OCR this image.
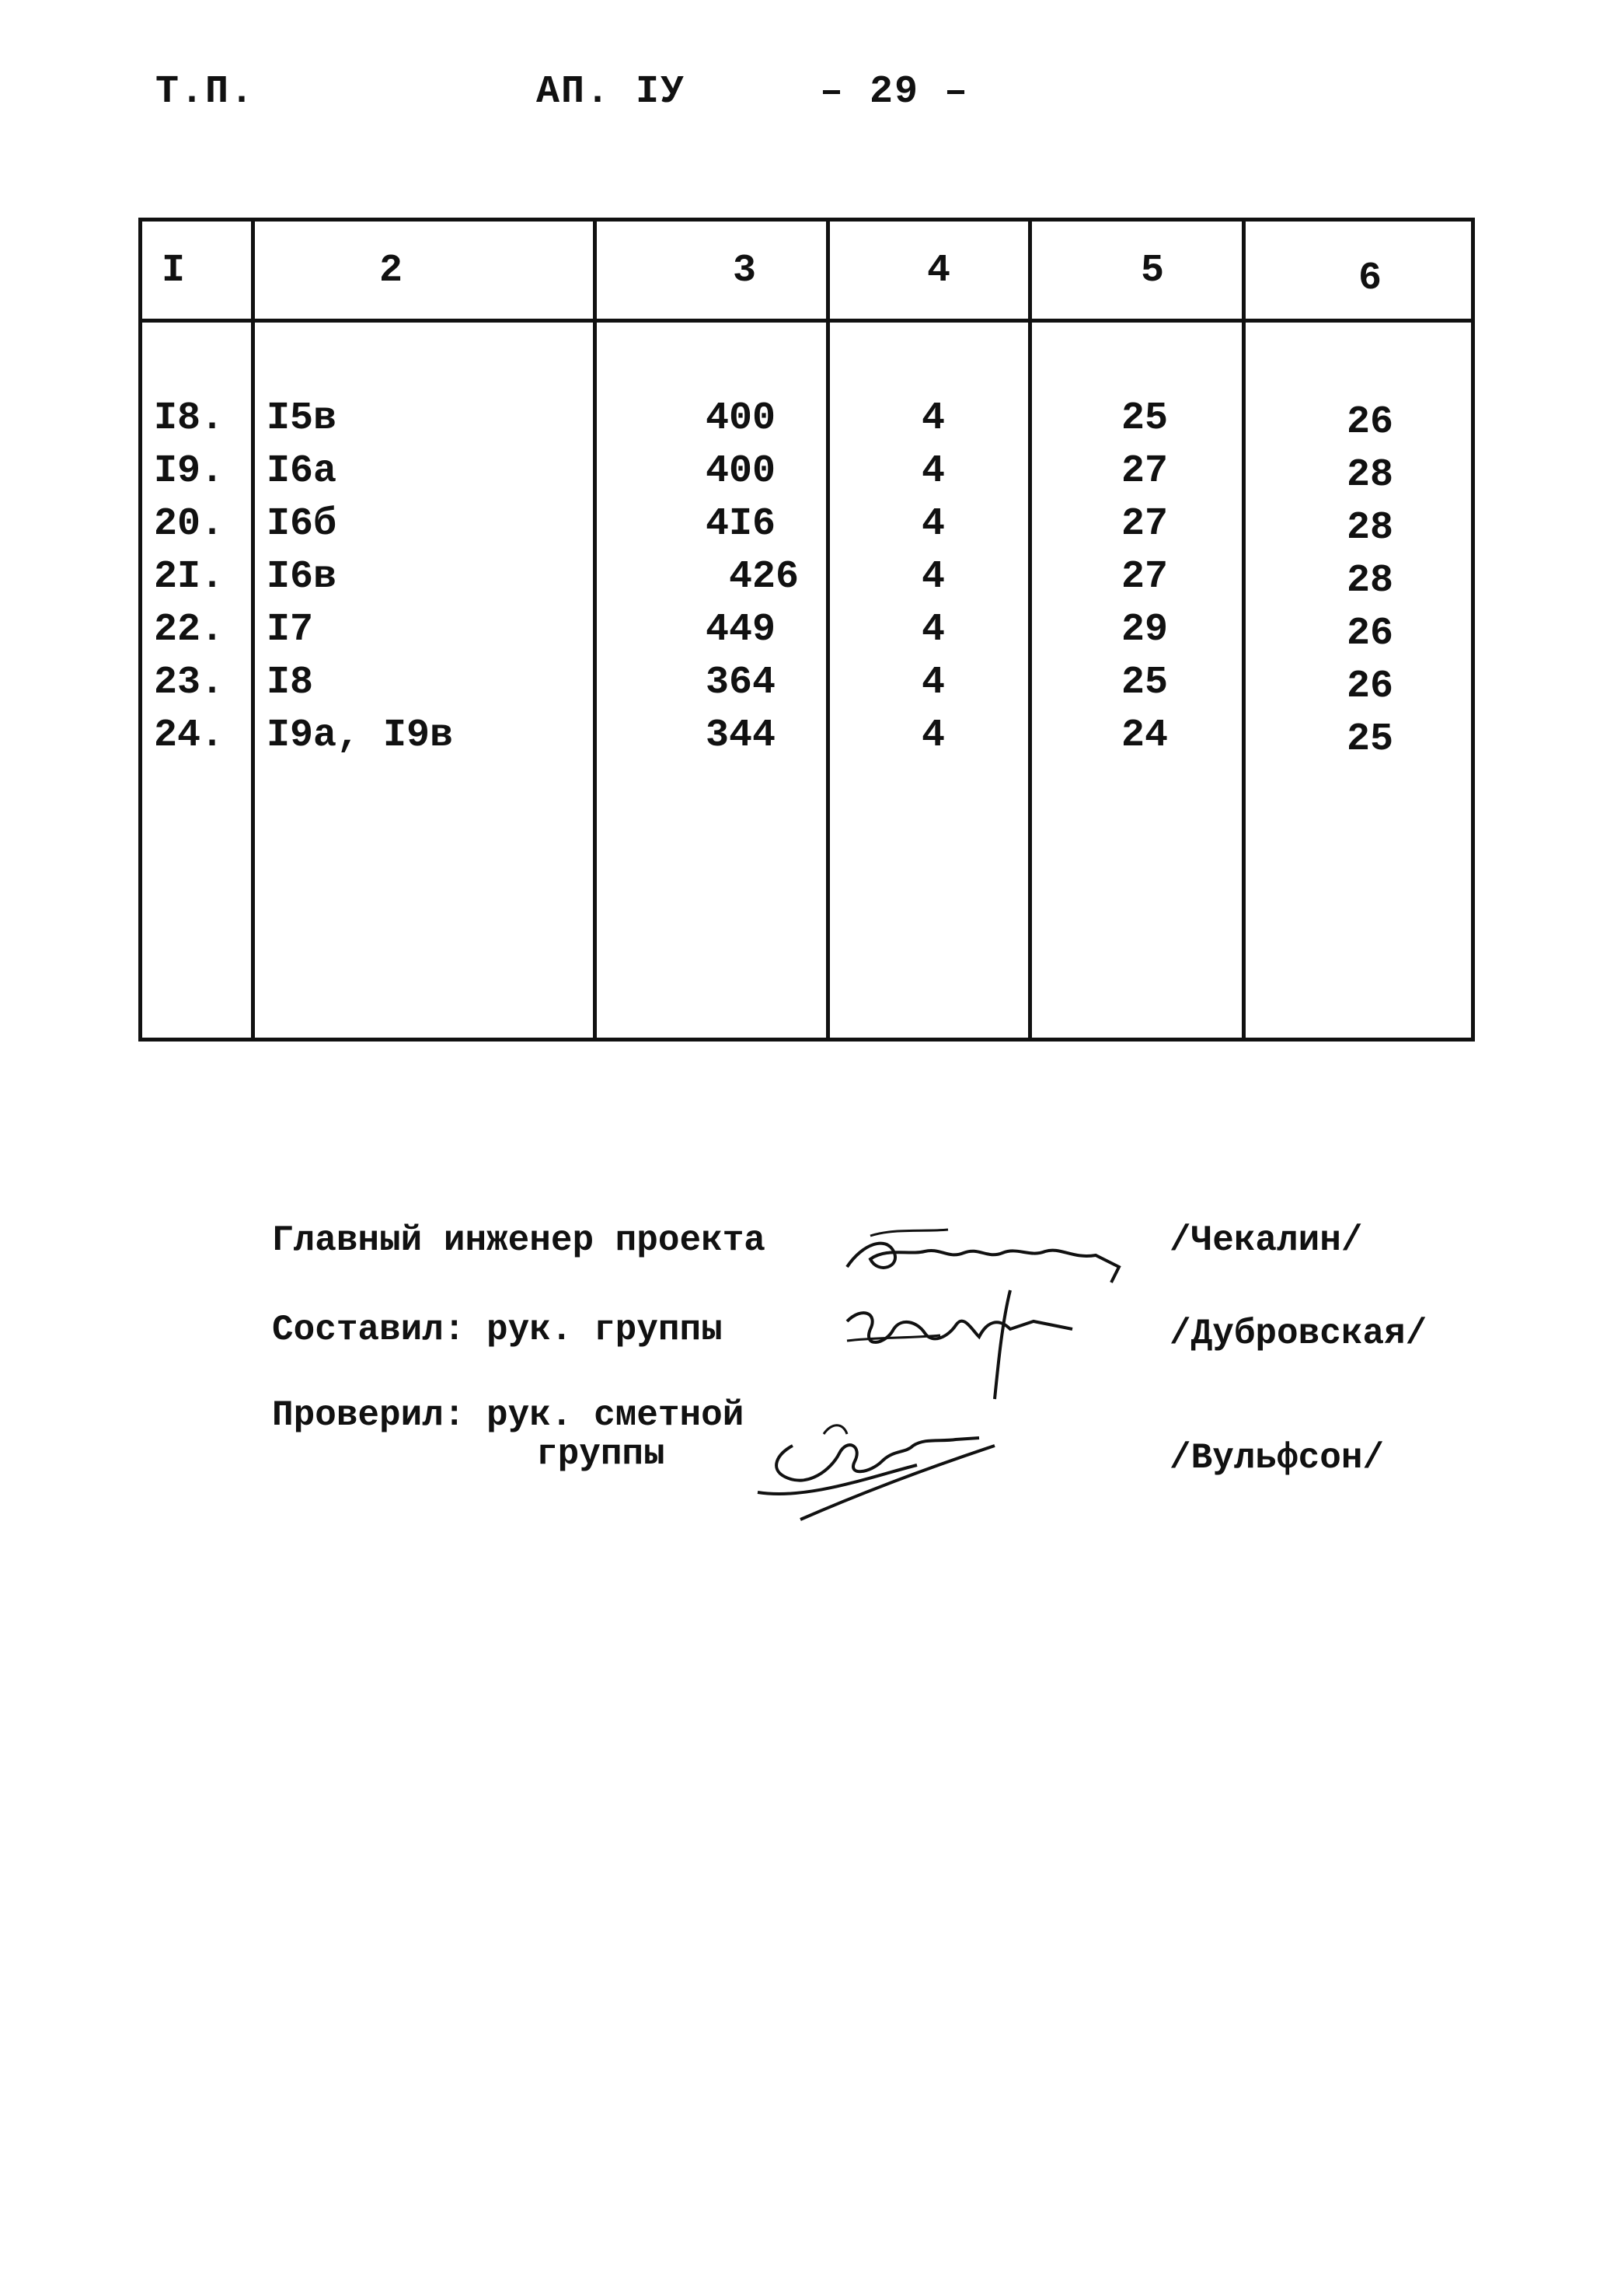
Т.П.	АП. IУ	– 29 –
I	2	3	4	5	6
I8. I5в	400	4	25	26
I9. I6а	400	4	27	28
20. I6б	4I6	4	27	28
2I. I6в	426	4	27	28
22. I7	449	4	29	26
23. I8	364	4	25	26
24. I9а, I9в	344	4	24	25
Главный инженер проекта	/Чекалин/
Составил: рук. группы	/Дубровская/
Проверил: рук. сметной
группы	/Вульфсон/
